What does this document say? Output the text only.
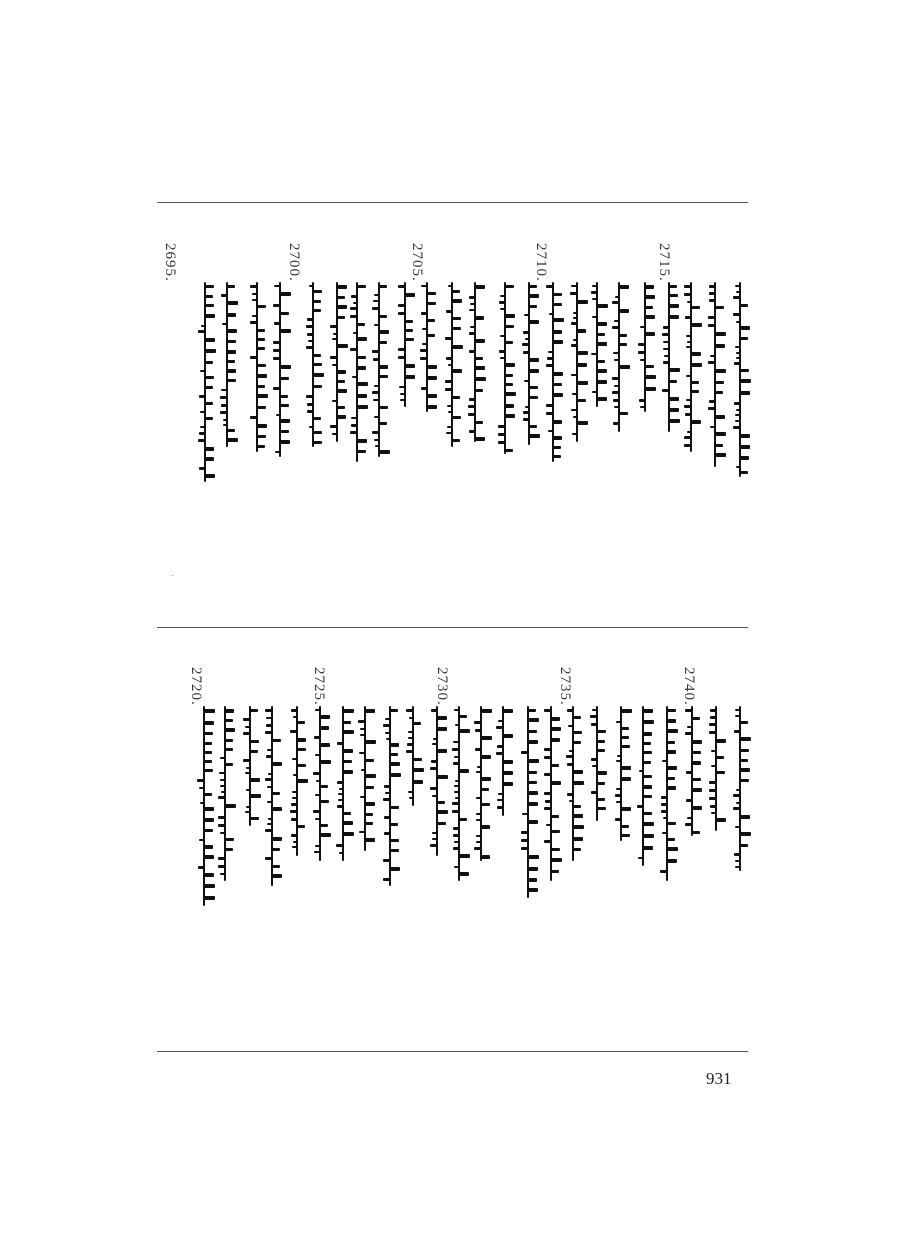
2695.	2700.	2705.	2710.	2715.
2720.	2725.	2730.	2735.	2740.
931
